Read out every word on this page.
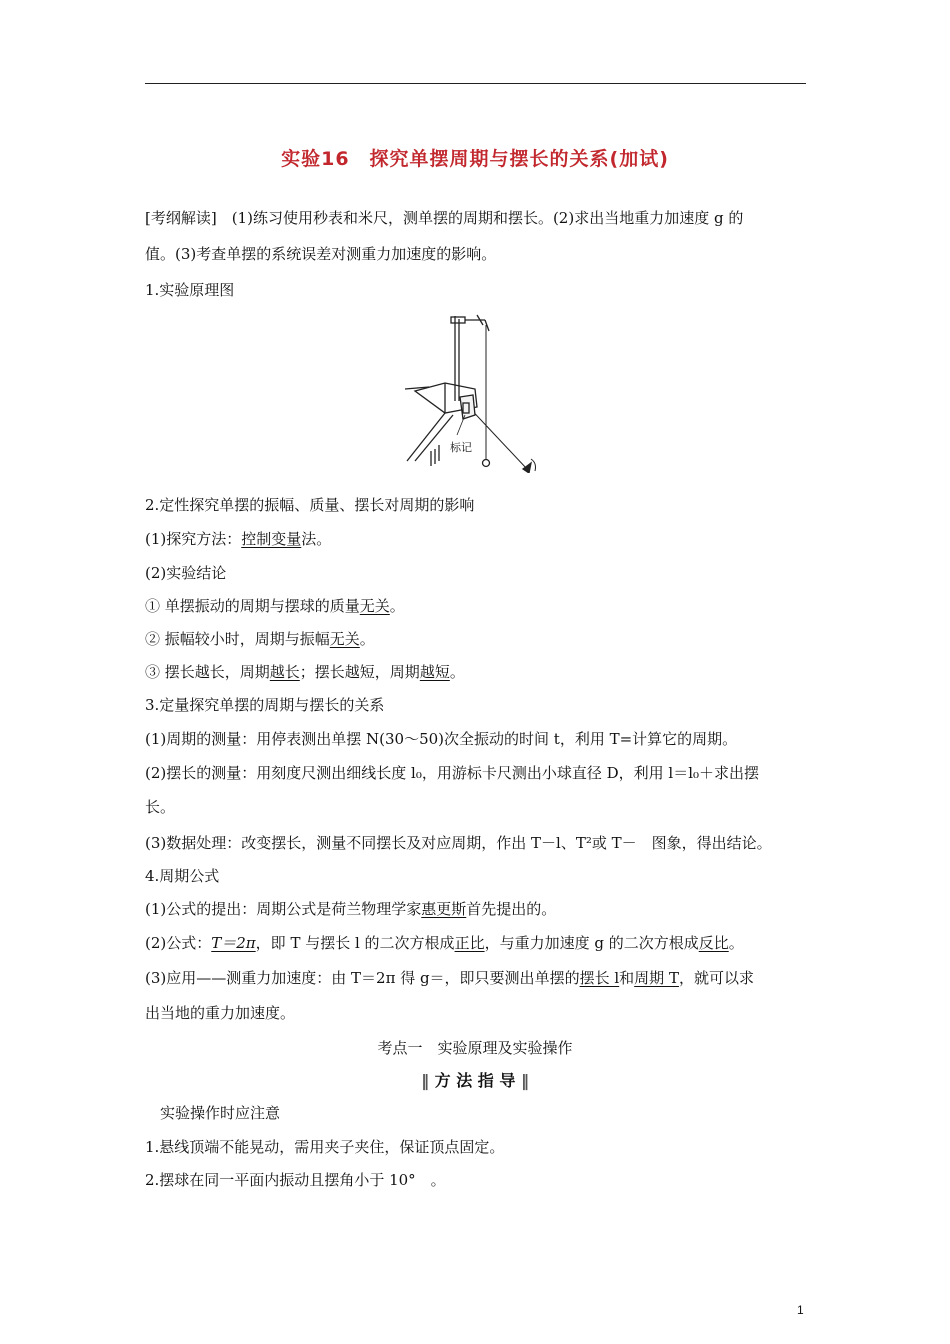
实验16　探究单摆周期与摆长的关系(加试)
[考纲解读]　(1)练习使用秒表和米尺，测单摆的周期和摆长。(2)求出当地重力加速度 g 的
值。(3)考查单摆的系统误差对测重力加速度的影响。
1.实验原理图
标记
2.定性探究单摆的振幅、质量、摆长对周期的影响
(1)探究方法：控制变量法。
(2)实验结论
① 单摆振动的周期与摆球的质量无关。
② 振幅较小时，周期与振幅无关。
③ 摆长越长，周期越长；摆长越短，周期越短。
3.定量探究单摆的周期与摆长的关系
(1)周期的测量：用停表测出单摆 N(30～50)次全振动的时间 t，利用 T=计算它的周期。
(2)摆长的测量：用刻度尺测出细线长度 l₀，用游标卡尺测出小球直径 D，利用 l＝l₀＋求出摆
长。
(3)数据处理：改变摆长，测量不同摆长及对应周期，作出 T－l、T²或 T－　图象，得出结论。
4.周期公式
(1)公式的提出：周期公式是荷兰物理学家惠更斯首先提出的。
(2)公式：T＝2π，即 T 与摆长 l 的二次方根成正比，与重力加速度 g 的二次方根成反比。
(3)应用——测重力加速度：由 T＝2π 得 g＝，即只要测出单摆的摆长 l和周期 T，就可以求
出当地的重力加速度。
考点一　实验原理及实验操作
‖ 方 法 指 导 ‖
实验操作时应注意
1.悬线顶端不能晃动，需用夹子夹住，保证顶点固定。
2.摆球在同一平面内振动且摆角小于 10°　。
1
